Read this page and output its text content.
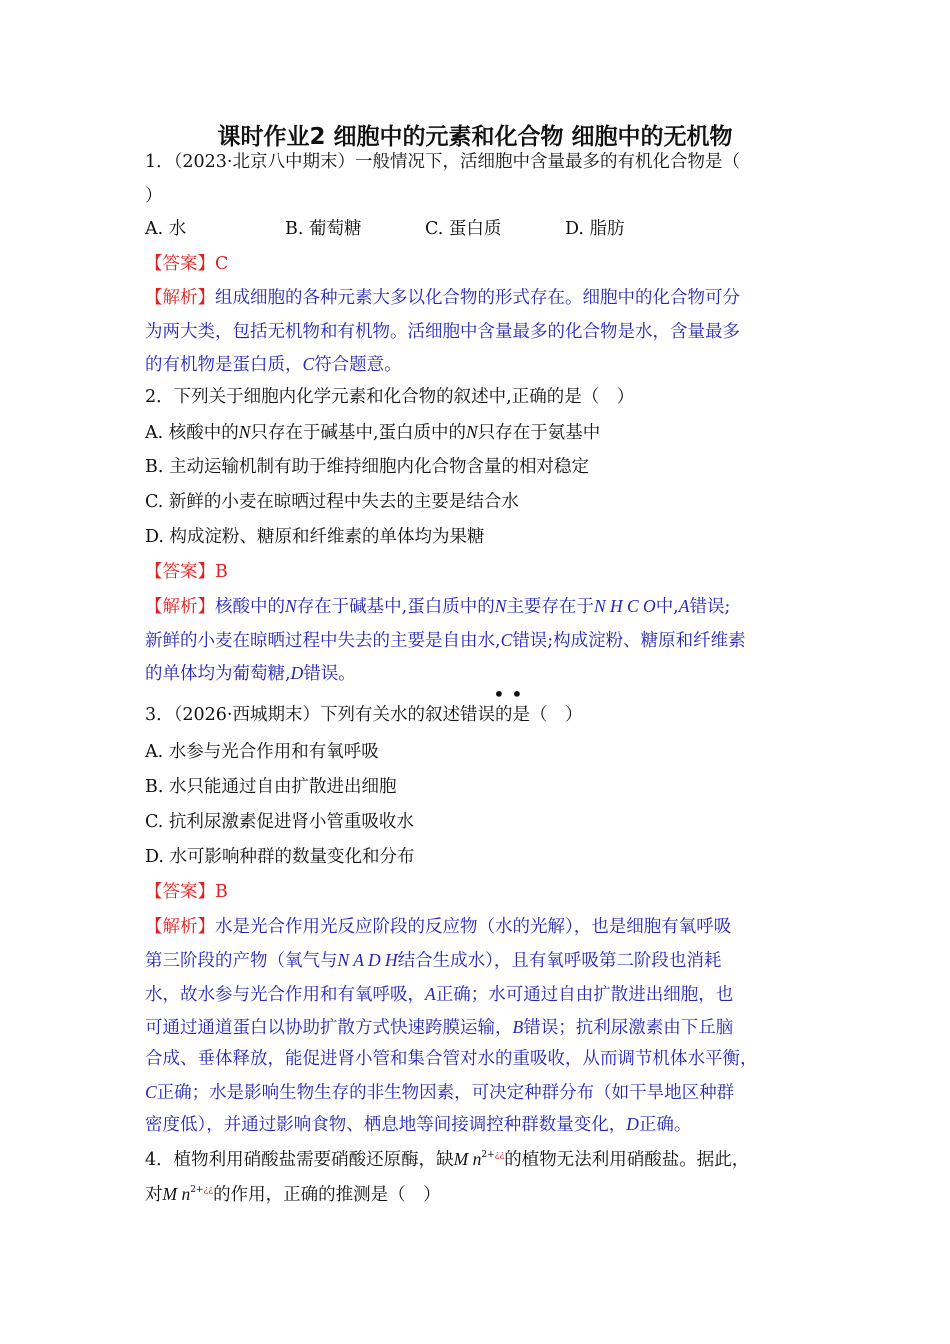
课时作业2 细胞中的元素和化合物 细胞中的无机物
1．（2023·北京八中期末）一般情况下，活细胞中含量最多的有机化合物是（
）
A. 水	B. 葡萄糖	C. 蛋白质	D. 脂肪
【答案】C
【解析】组成细胞的各种元素大多以化合物的形式存在。细胞中的化合物可分
为两大类，包括无机物和有机物。活细胞中含量最多的化合物是水，含量最多
的有机物是蛋白质，C符合题意。
2．下列关于细胞内化学元素和化合物的叙述中,正确的是（　）
A. 核酸中的N只存在于碱基中,蛋白质中的N只存在于氨基中
B. 主动运输机制有助于维持细胞内化合物含量的相对稳定
C. 新鲜的小麦在晾晒过程中失去的主要是结合水
D. 构成淀粉、糖原和纤维素的单体均为果糖
【答案】B
【解析】核酸中的N存在于碱基中,蛋白质中的N主要存在于N H C O中,A错误;
新鲜的小麦在晾晒过程中失去的主要是自由水,C错误;构成淀粉、糖原和纤维素
的单体均为葡萄糖,D错误。
• •
3．（2026·西城期末）下列有关水的叙述错误的是（　）
A. 水参与光合作用和有氧呼吸
B. 水只能通过自由扩散进出细胞
C. 抗利尿激素促进肾小管重吸收水
D. 水可影响种群的数量变化和分布
【答案】B
【解析】水是光合作用光反应阶段的反应物（水的光解），也是细胞有氧呼吸
第三阶段的产物（氧气与N A D H结合生成水），且有氧呼吸第二阶段也消耗
水，故水参与光合作用和有氧呼吸，A正确；水可通过自由扩散进出细胞，也
可通过通道蛋白以协助扩散方式快速跨膜运输，B错误；抗利尿激素由下丘脑
合成、垂体释放，能促进肾小管和集合管对水的重吸收，从而调节机体水平衡，
C正确；水是影响生物生存的非生物因素，可决定种群分布（如干旱地区种群
密度低），并通过影响食物、栖息地等间接调控种群数量变化，D正确。
4．植物利用硝酸盐需要硝酸还原酶，缺M $n^{2+¿¿}$的植物无法利用硝酸盐。据此，
对M $n^{2+¿¿}$的作用，正确的推测是（　）
